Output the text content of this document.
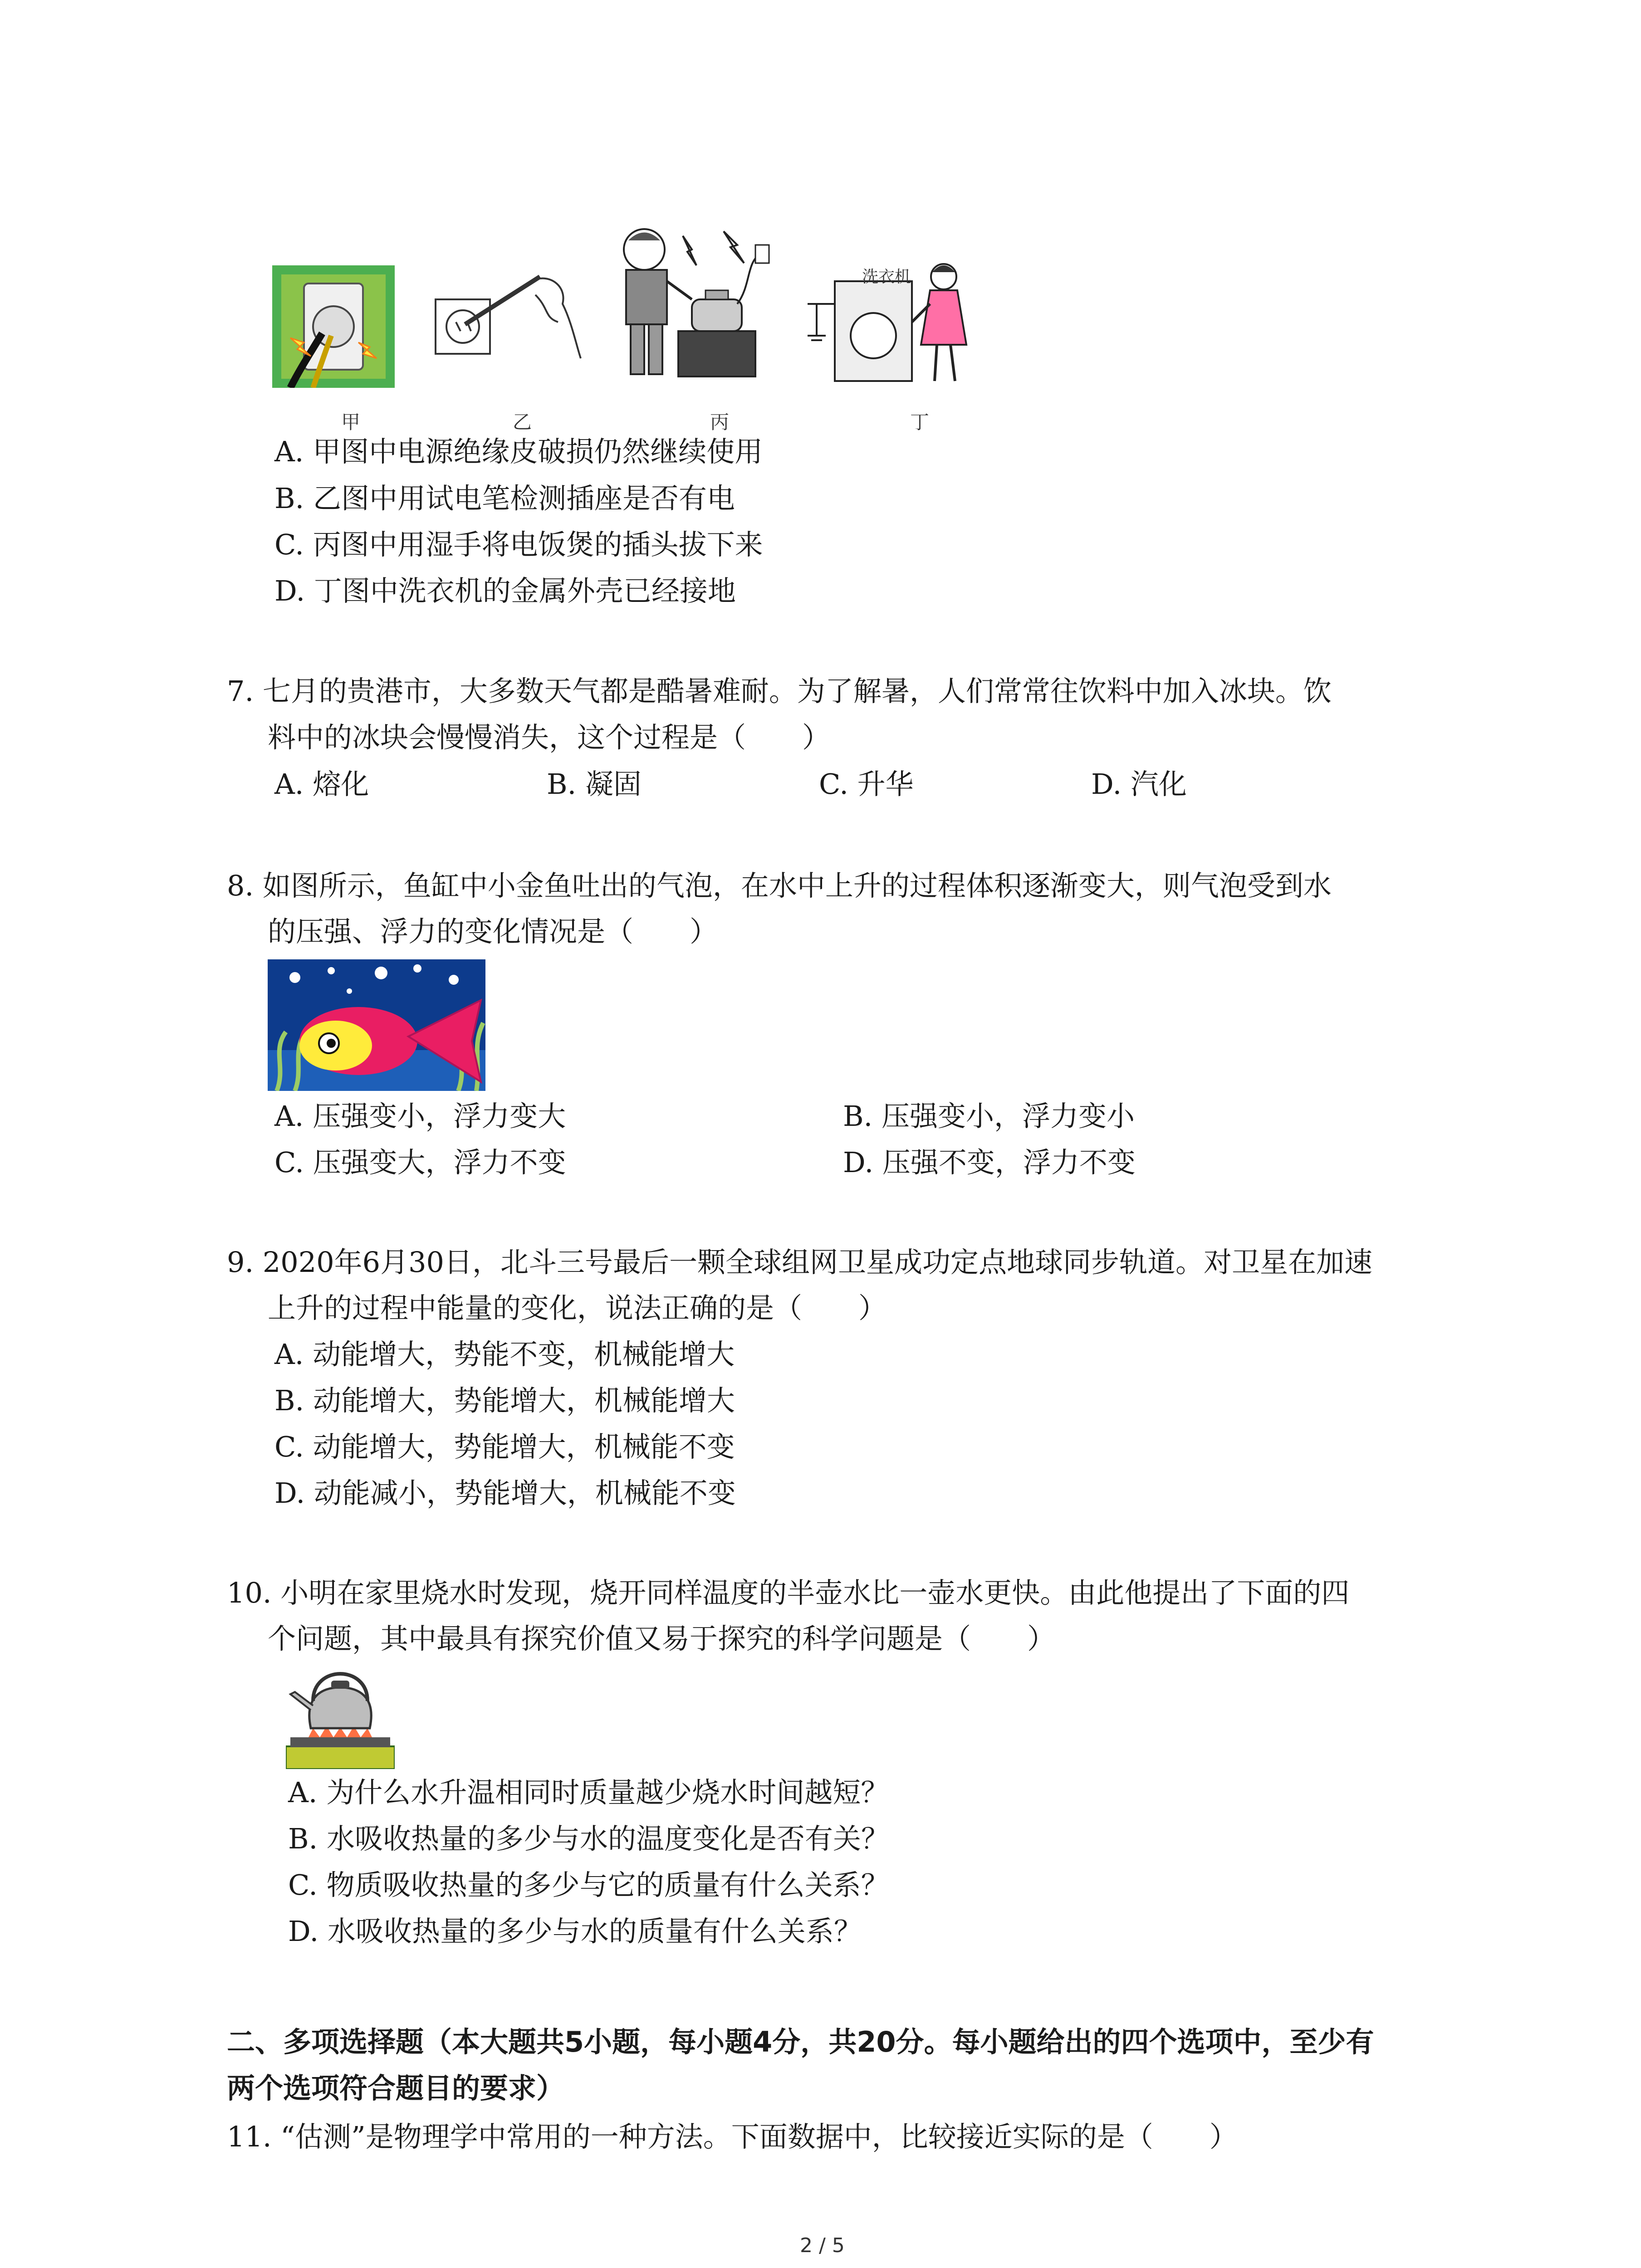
洗衣机
甲	乙	丙	丁
A. 甲图中电源绝缘皮破损仍然继续使用
B. 乙图中用试电笔检测插座是否有电
C. 丙图中用湿手将电饭煲的插头拔下来
D. 丁图中洗衣机的金属外壳已经接地
7. 七月的贵港市，大多数天气都是酷暑难耐。为了解暑，人们常常往饮料中加入冰块。饮
料中的冰块会慢慢消失，这个过程是（　　）
A. 熔化	B. 凝固	C. 升华	D. 汽化
8. 如图所示，鱼缸中小金鱼吐出的气泡，在水中上升的过程体积逐渐变大，则气泡受到水
的压强、浮力的变化情况是（　　）
A. 压强变小，浮力变大	B. 压强变小，浮力变小
C. 压强变大，浮力不变	D. 压强不变，浮力不变
9. 2020年6月30日，北斗三号最后一颗全球组网卫星成功定点地球同步轨道。对卫星在加速
上升的过程中能量的变化，说法正确的是（　　）
A. 动能增大，势能不变，机械能增大
B. 动能增大，势能增大，机械能增大
C. 动能增大，势能增大，机械能不变
D. 动能减小，势能增大，机械能不变
10. 小明在家里烧水时发现，烧开同样温度的半壶水比一壶水更快。由此他提出了下面的四
个问题，其中最具有探究价值又易于探究的科学问题是（　　）
A. 为什么水升温相同时质量越少烧水时间越短？
B. 水吸收热量的多少与水的温度变化是否有关？
C. 物质吸收热量的多少与它的质量有什么关系？
D. 水吸收热量的多少与水的质量有什么关系？
二、多项选择题（本大题共5小题，每小题4分，共20分。每小题给出的四个选项中，至少有
两个选项符合题目的要求）
11. “估测”是物理学中常用的一种方法。下面数据中，比较接近实际的是（　　）
2 / 5
